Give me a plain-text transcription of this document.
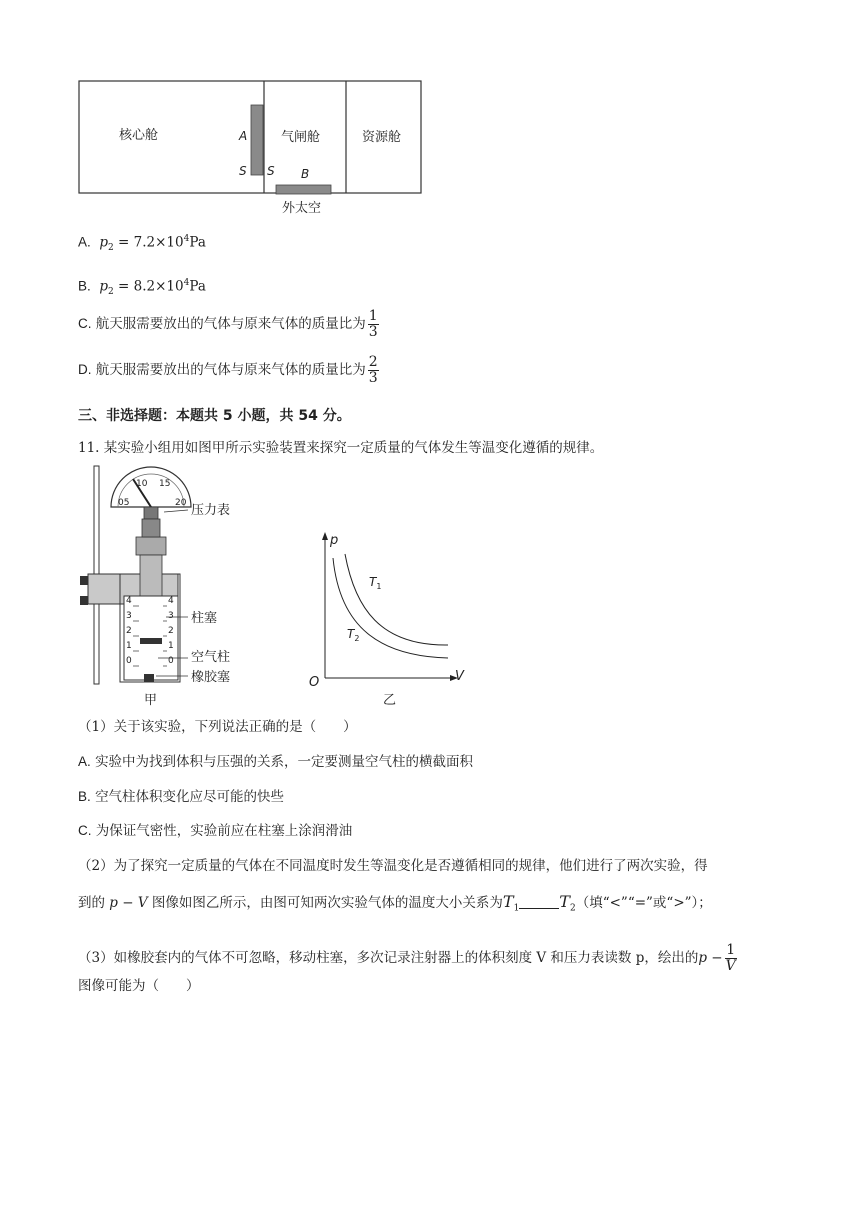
核心舱	气闸舱	资源舱
A
S S B
外太空
A. $p_2 = 7.2\times 10^4Pa$
B. $p_2 = 8.2\times 10^4Pa$
C. 航天服需要放出的气体与原来气体的质量比为 $\frac{1}{3}$
D. 航天服需要放出的气体与原来气体的质量比为 $\frac{2}{3}$
三、非选择题：本题共 5 小题，共 54 分。
11. 某实验小组用如图甲所示实验装置来探究一定质量的气体发生等温变化遵循的规律。
05
10 15
20
4
3
2
1
0
4
3
2
1
0
压力表
柱塞
空气柱
橡胶塞
甲
p
V
O
$T_1$
$T_2$
乙
（1）关于该实验，下列说法正确的是（　　）
A. 实验中为找到体积与压强的关系，一定要测量空气柱的横截面积
B. 空气柱体积变化应尽可能的快些
C. 为保证气密性，实验前应在柱塞上涂润滑油
（2）为了探究一定质量的气体在不同温度时发生等温变化是否遵循相同的规律，他们进行了两次实验，得
到的 p − V 图像如图乙所示，由图可知两次实验气体的温度大小关系为$T_1$	$T_2$（填“<”“=”或“>”）；
（3）如橡胶套内的气体不可忽略，移动柱塞，多次记录注射器上的体积刻度 V 和压力表读数 p，绘出的$p - \frac{1}{V}$
图像可能为（　　）
